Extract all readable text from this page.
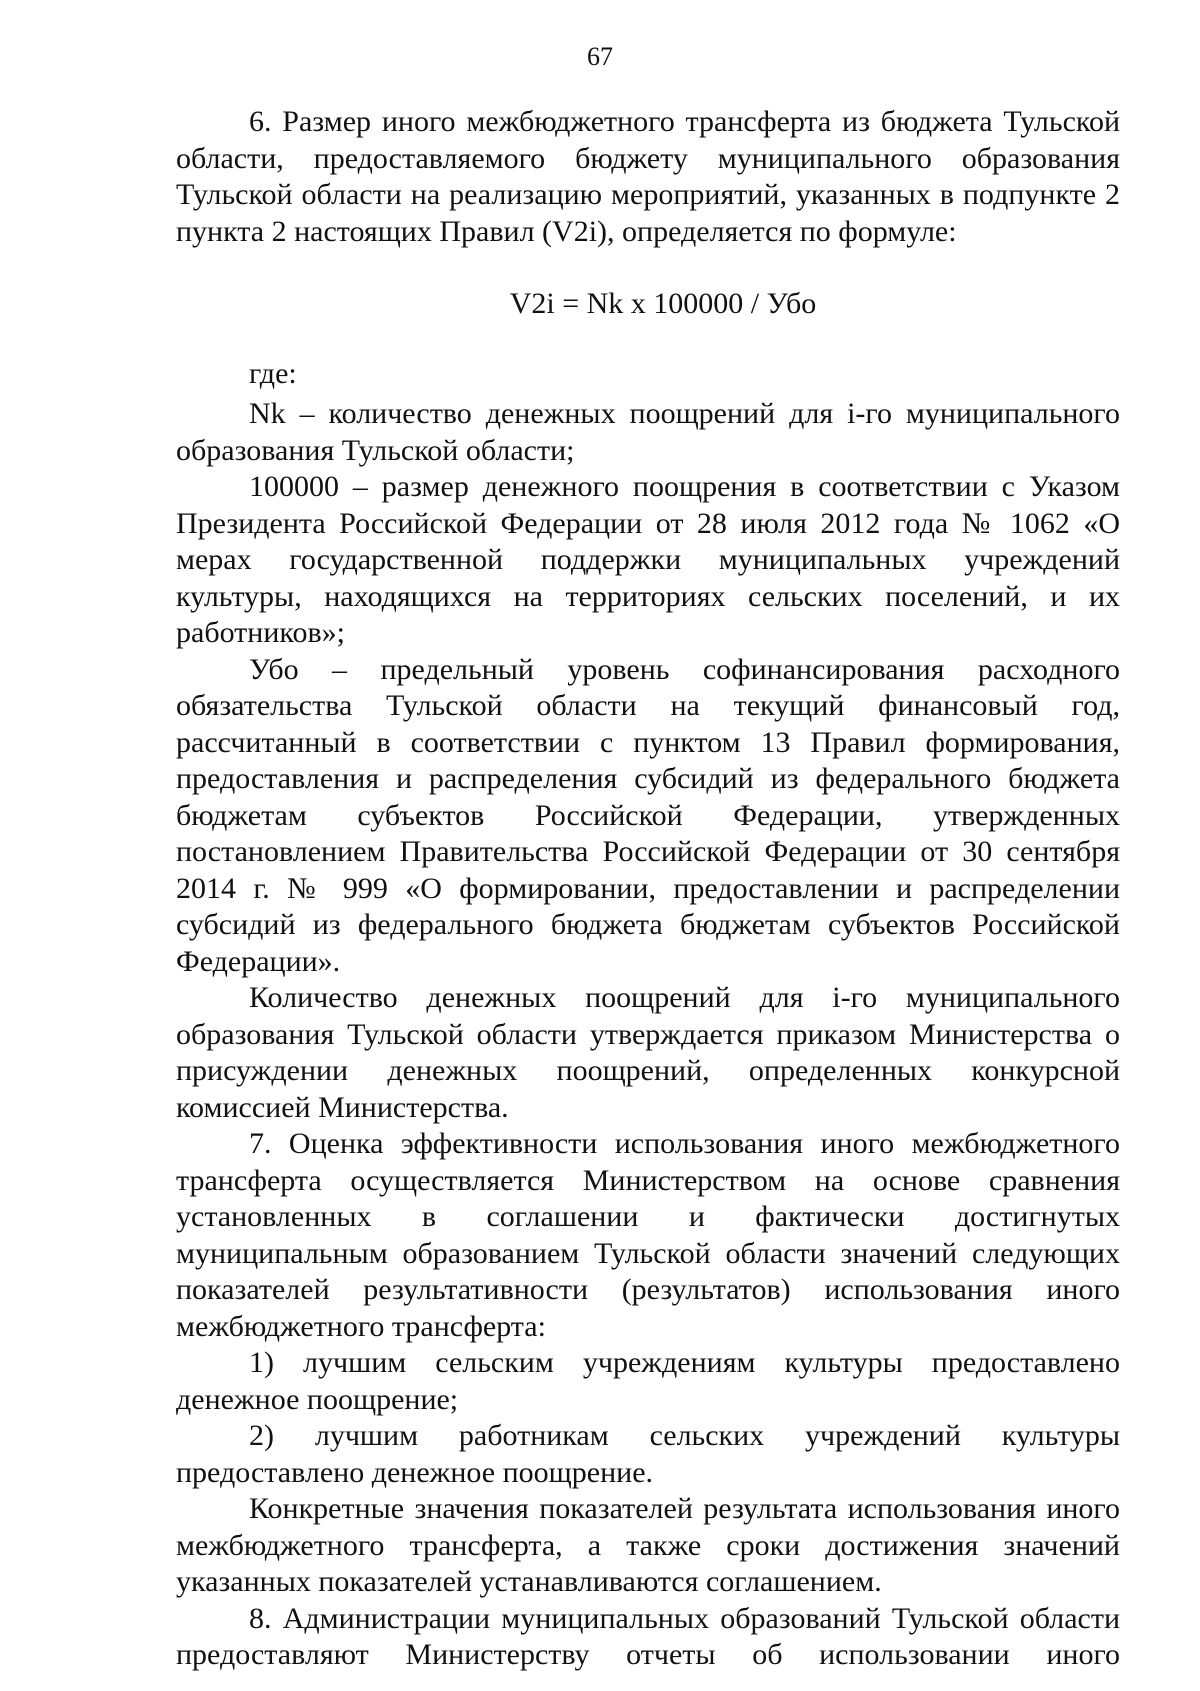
67

6. Размер иного межбюджетного трансферта из бюджета Тульской области, предоставляемого бюджету муниципального образования Тульской области на реализацию мероприятий, указанных в подпункте 2 пункта 2 настоящих Правил (V2i), определяется по формуле:

V2i = Nk x 100000 / Убо

где:

Nk – количество денежных поощрений для i-го муниципального образования Тульской области;

100000 – размер денежного поощрения в соответствии с Указом Президента Российской Федерации от 28 июля 2012 года № 1062 «О мерах государственной поддержки муниципальных учреждений культуры, находящихся на территориях сельских поселений, и их работников»;

Убо – предельный уровень софинансирования расходного обязательства Тульской области на текущий финансовый год, рассчитанный в соответствии с пунктом 13 Правил формирования, предоставления и распределения субсидий из федерального бюджета бюджетам субъектов Российской Федерации, утвержденных постановлением Правительства Российской Федерации от 30 сентября 2014 г. № 999 «О формировании, предоставлении и распределении субсидий из федерального бюджета бюджетам субъектов Российской Федерации».

Количество денежных поощрений для i-го муниципального образования Тульской области утверждается приказом Министерства о присуждении денежных поощрений, определенных конкурсной комиссией Министерства.

7. Оценка эффективности использования иного межбюджетного трансферта осуществляется Министерством на основе сравнения установленных в соглашении и фактически достигнутых муниципальным образованием Тульской области значений следующих показателей результативности (результатов) использования иного межбюджетного трансферта:

1) лучшим сельским учреждениям культуры предоставлено денежное поощрение;

2) лучшим работникам сельских учреждений культуры предоставлено денежное поощрение.

Конкретные значения показателей результата использования иного межбюджетного трансферта, а также сроки достижения значений указанных показателей устанавливаются соглашением.

8. Администрации муниципальных образований Тульской области предоставляют Министерству отчеты об использовании иного
